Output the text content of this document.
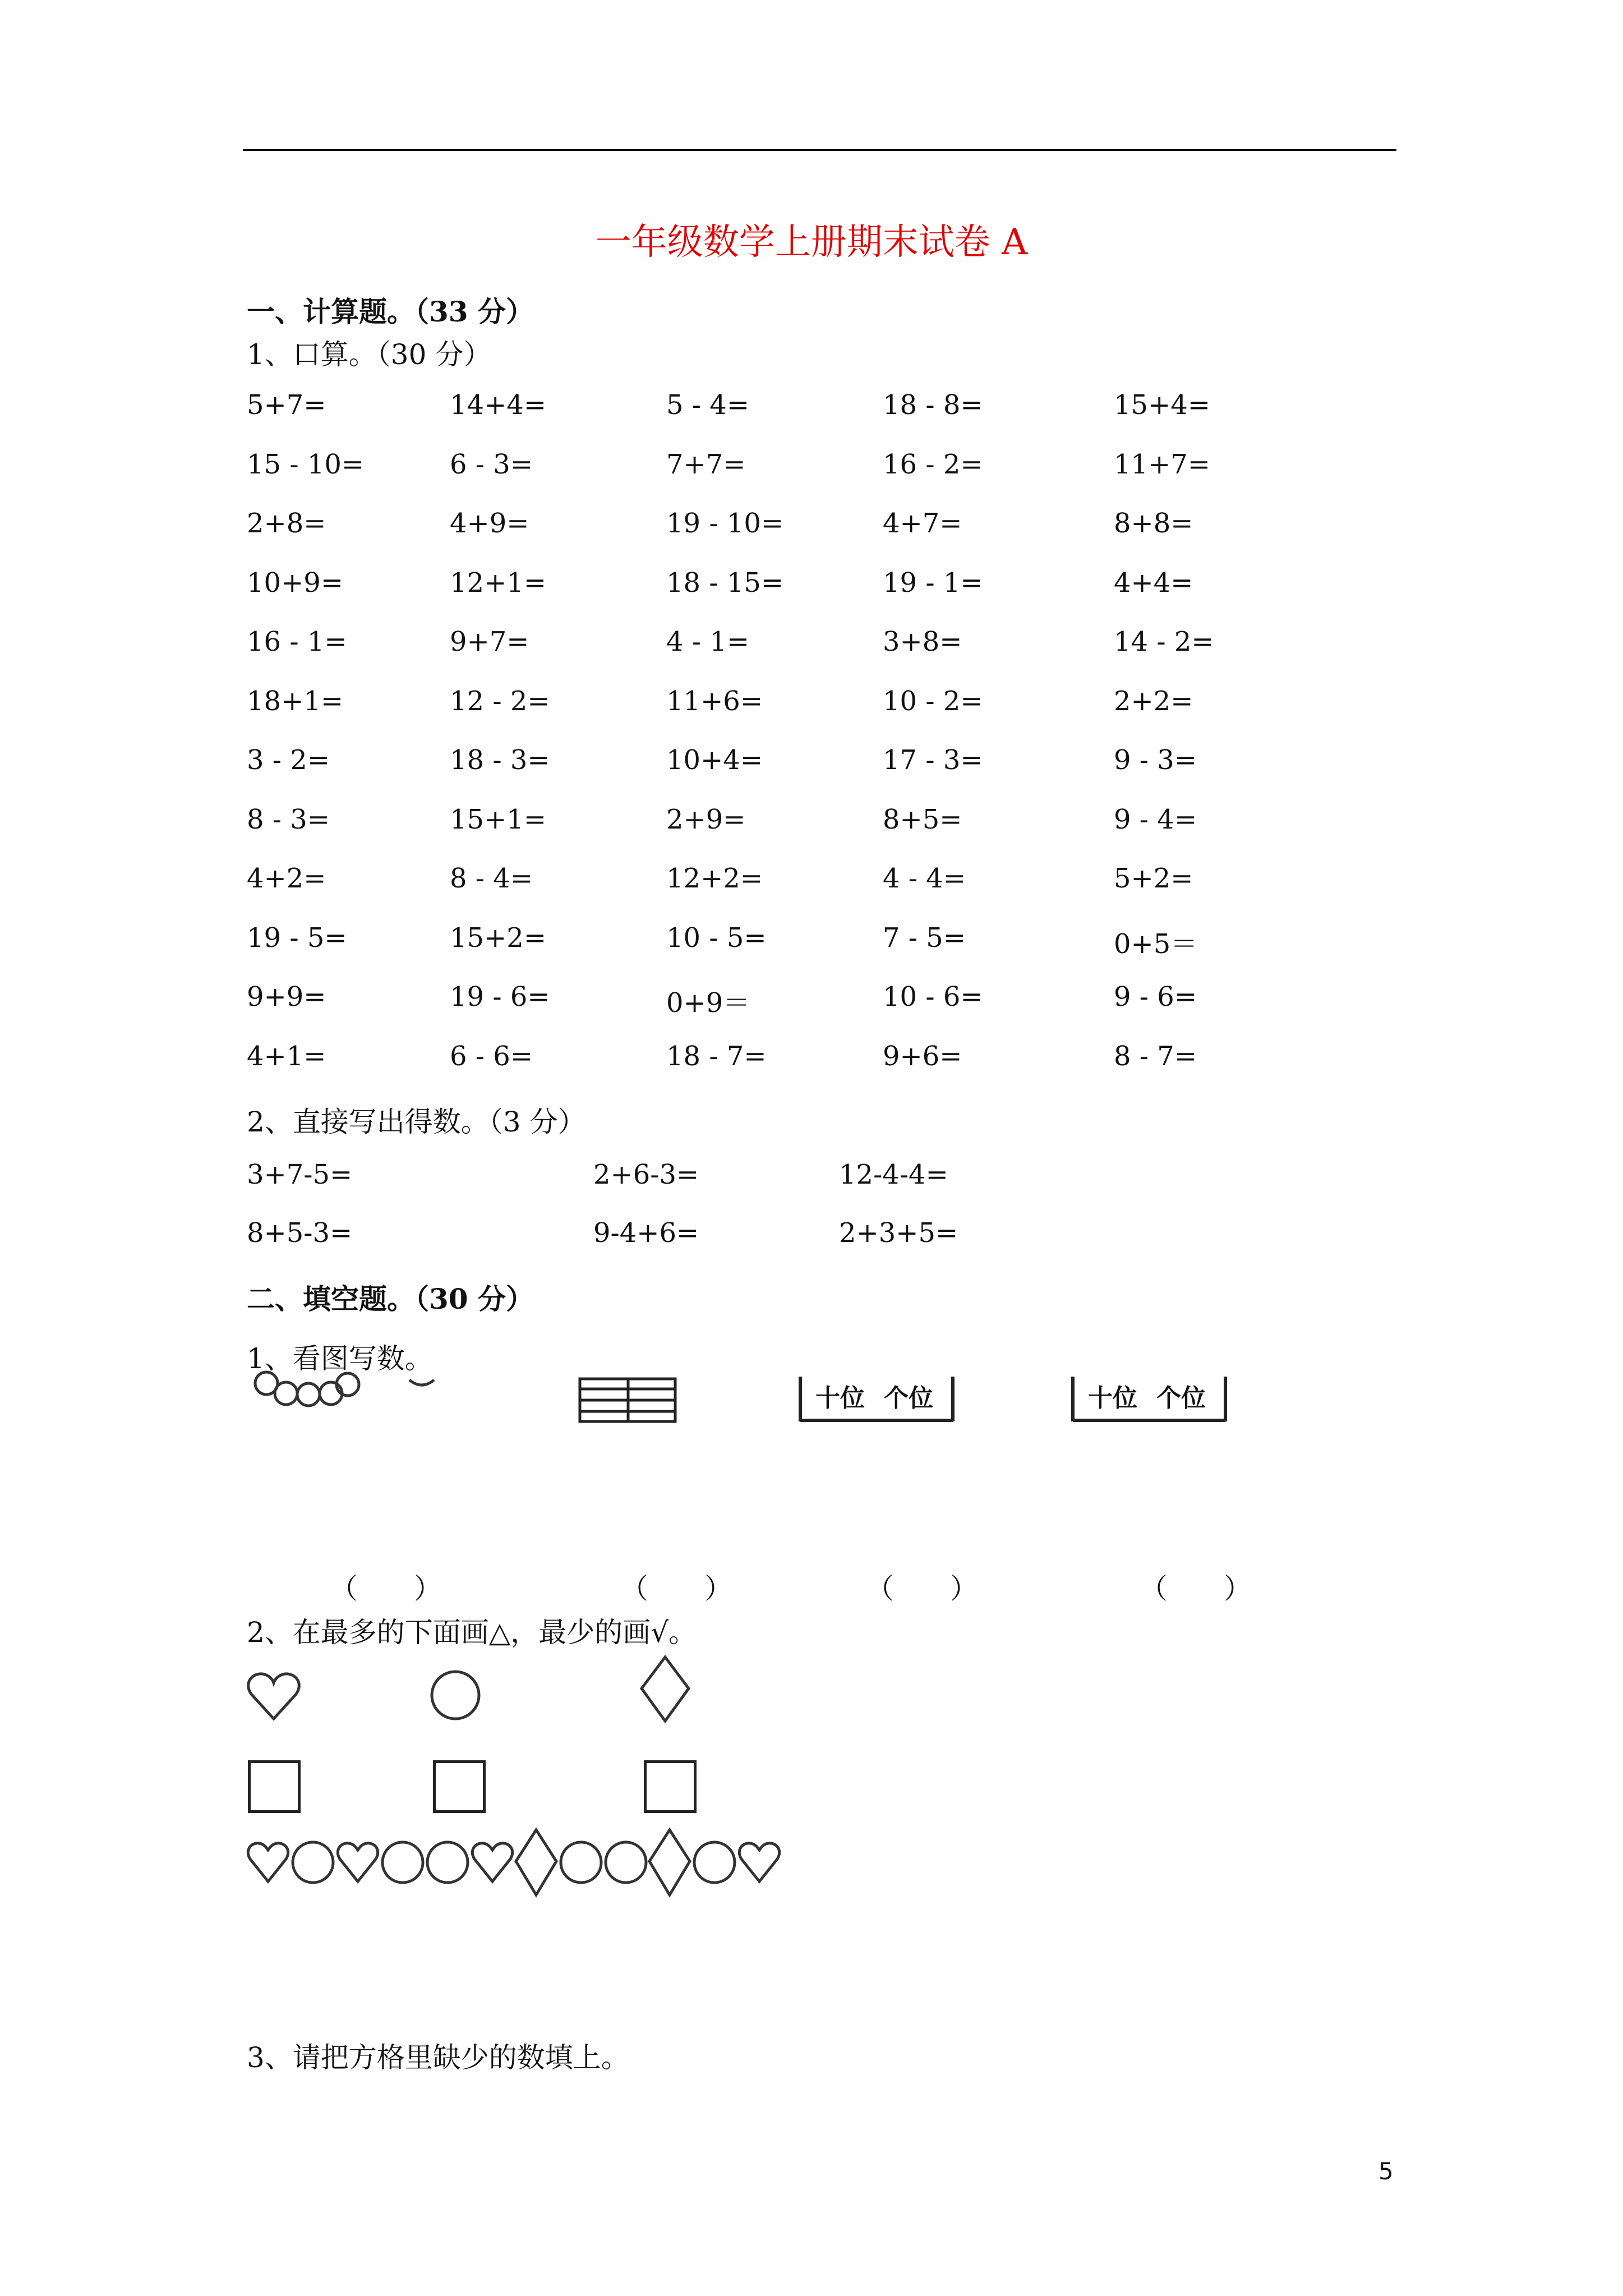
一年级数学上册期末试卷 A
一、计算题。（33 分）
1、口算。（30 分）
5+7=	14+4=	5 - 4=	18 - 8=	15+4=
15 - 10=	6 - 3=	7+7=	16 - 2=	11+7=
2+8=	4+9=	19 - 10=	4+7=	8+8=
10+9=	12+1=	18 - 15=	19 - 1=	4+4=
16 - 1=	9+7=	4 - 1=	3+8=	14 - 2=
18+1=	12 - 2=	11+6=	10 - 2=	2+2=
3 - 2=	18 - 3=	10+4=	17 - 3=	9 - 3=
8 - 3=	15+1=	2+9=	8+5=	9 - 4=
4+2=	8 - 4=	12+2=	4 - 4=	5+2=
19 - 5=	15+2=	10 - 5=	7 - 5=	0+5＝
9+9=	19 - 6=	0+9＝	10 - 6=	9 - 6=
4+1=	6 - 6=	18 - 7=	9+6=	8 - 7=
2、直接写出得数。（3 分）
3+7-5=	2+6-3=	12-4-4=
8+5-3=	9-4+6=	2+3+5=
二、填空题。（30 分）
1、看图写数。
十位 个位	十位 个位
（　　）	（　　）	（　　）	（　　）
2、在最多的下面画△，最少的画√。
3、请把方格里缺少的数填上。
5
